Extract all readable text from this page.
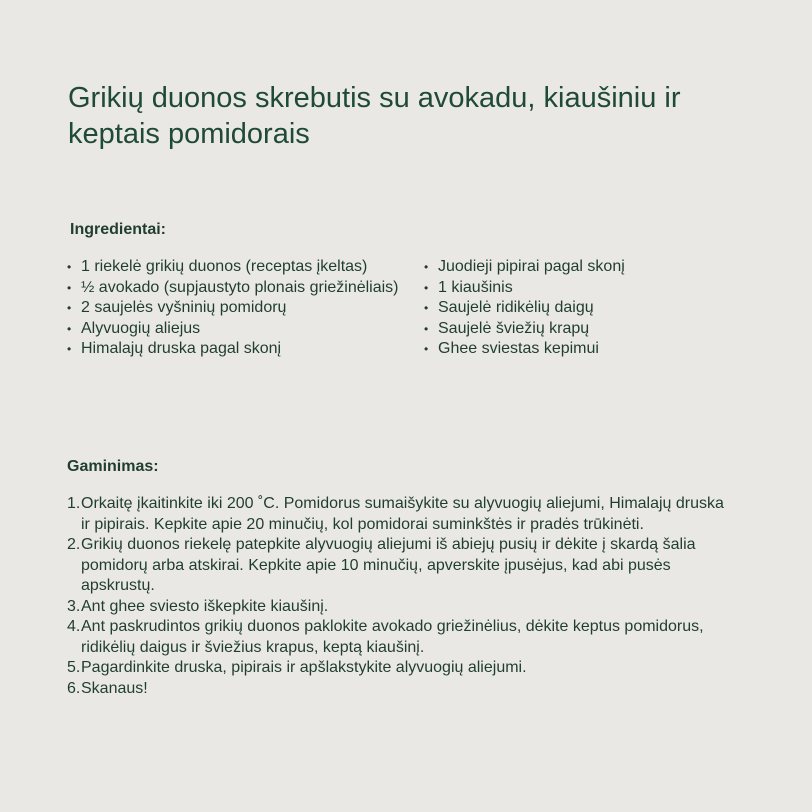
Grikių duonos skrebutis su avokadu, kiaušiniu ir keptais pomidorais
Ingredientai:
• 1 riekelė grikių duonos (receptas įkeltas)
• ½ avokado (supjaustyto plonais griežinėliais)
• 2 saujelės vyšninių pomidorų
• Alyvuogių aliejus
• Himalajų druska pagal skonį
• Juodieji pipirai pagal skonį
• 1 kiaušinis
• Saujelė ridikėlių daigų
• Saujelė šviežių krapų
• Ghee sviestas kepimui
Gaminimas:
1. Orkaitę įkaitinkite iki 200 ˚C. Pomidorus sumaišykite su alyvuogių aliejumi, Himalajų druska ir pipirais. Kepkite apie 20 minučių, kol pomidorai suminkštės ir pradės trūkinėti.
2. Grikių duonos riekelę patepkite alyvuogių aliejumi iš abiejų pusių ir dėkite į skardą šalia pomidorų arba atskirai. Kepkite apie 10 minučių, apverskite įpusėjus, kad abi pusės apskrustų.
3. Ant ghee sviesto iškepkite kiaušinį.
4. Ant paskrudintos grikių duonos paklokite avokado griežinėlius, dėkite keptus pomidorus, ridikėlių daigus ir šviežius krapus, keptą kiaušinį.
5. Pagardinkite druska, pipirais ir apšlakstykite alyvuogių aliejumi.
6. Skanaus!
